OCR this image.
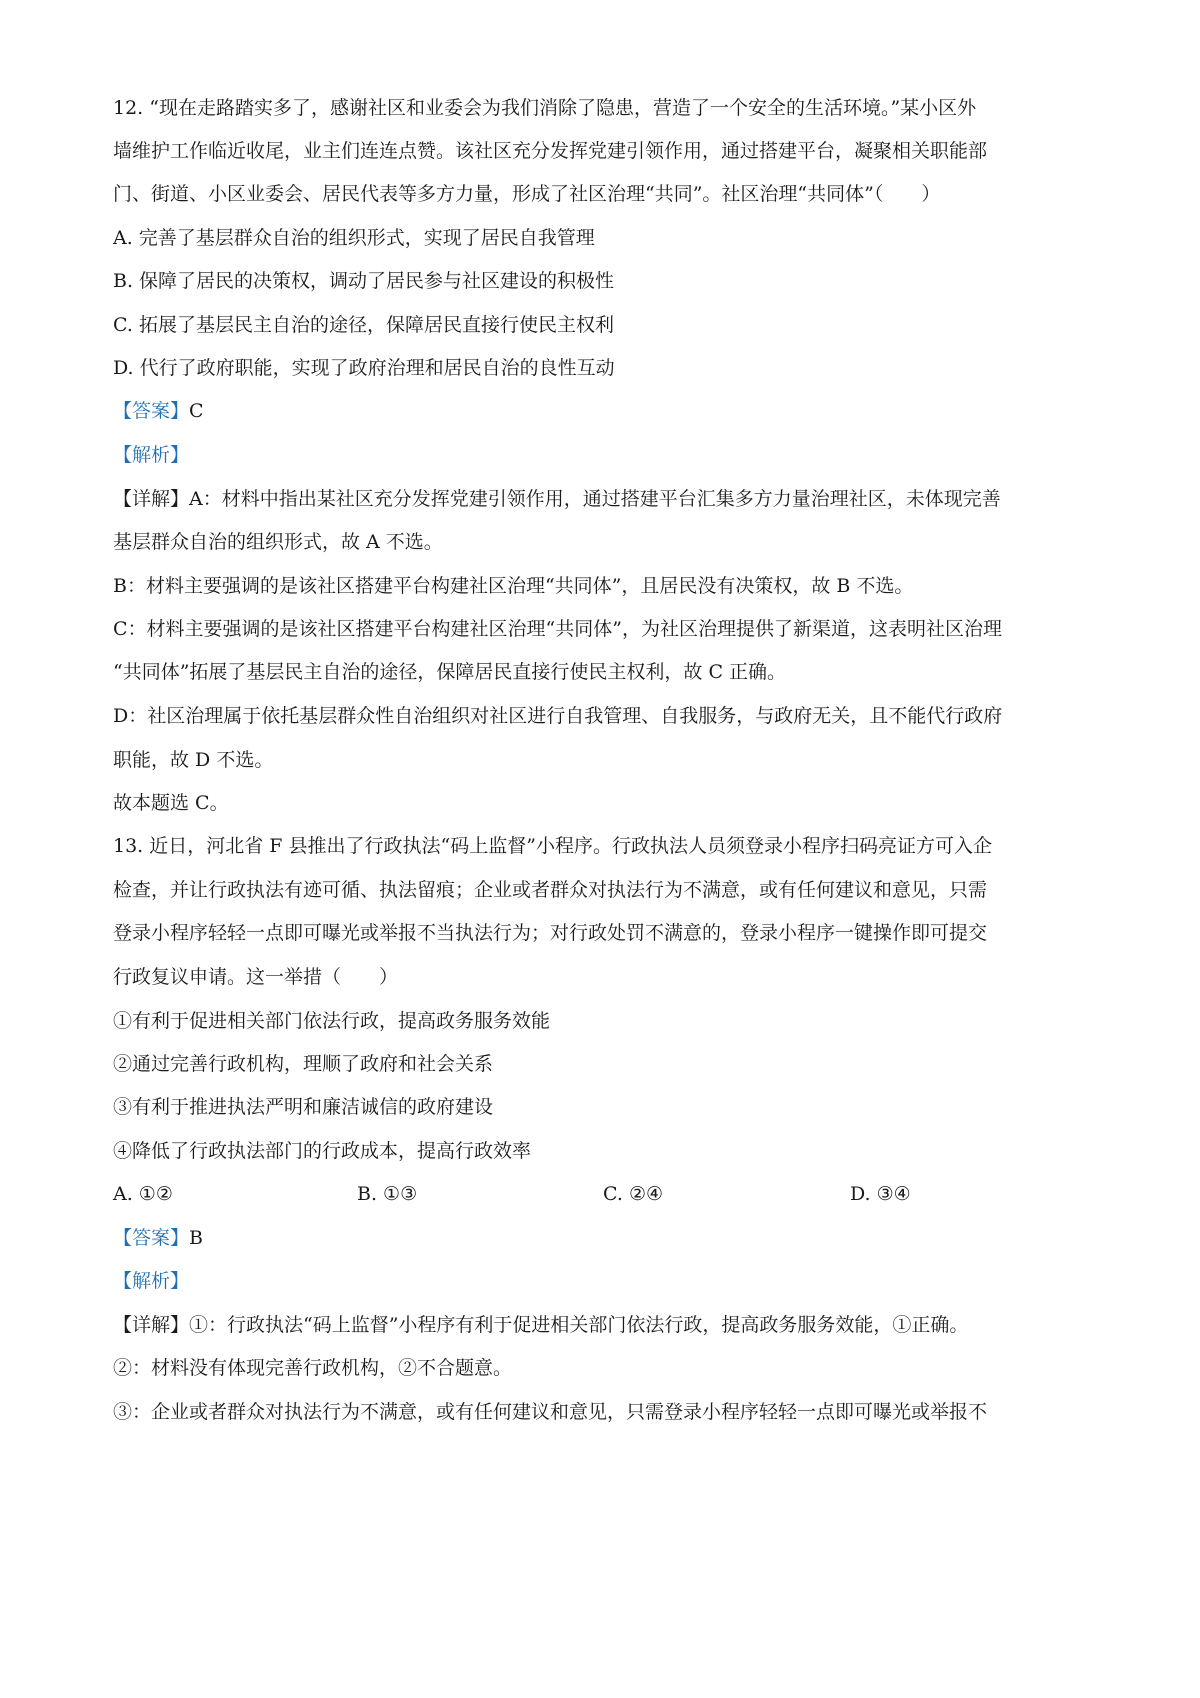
12. “现在走路踏实多了，感谢社区和业委会为我们消除了隐患，营造了一个安全的生活环境。”某小区外
墙维护工作临近收尾，业主们连连点赞。该社区充分发挥党建引领作用，通过搭建平台，凝聚相关职能部
门、街道、小区业委会、居民代表等多方力量，形成了社区治理“共同”。社区治理“共同体”（　　）
A. 完善了基层群众自治的组织形式，实现了居民自我管理
B. 保障了居民的决策权，调动了居民参与社区建设的积极性
C. 拓展了基层民主自治的途径，保障居民直接行使民主权利
D. 代行了政府职能，实现了政府治理和居民自治的良性互动
【答案】C
【解析】
【详解】A：材料中指出某社区充分发挥党建引领作用，通过搭建平台汇集多方力量治理社区，未体现完善
基层群众自治的组织形式，故 A 不选。
B：材料主要强调的是该社区搭建平台构建社区治理“共同体”，且居民没有决策权，故 B 不选。
C：材料主要强调的是该社区搭建平台构建社区治理“共同体”，为社区治理提供了新渠道，这表明社区治理
“共同体”拓展了基层民主自治的途径，保障居民直接行使民主权利，故 C 正确。
D：社区治理属于依托基层群众性自治组织对社区进行自我管理、自我服务，与政府无关，且不能代行政府
职能，故 D 不选。
故本题选 C。
13. 近日，河北省 F 县推出了行政执法“码上监督”小程序。行政执法人员须登录小程序扫码亮证方可入企
检查，并让行政执法有迹可循、执法留痕；企业或者群众对执法行为不满意，或有任何建议和意见，只需
登录小程序轻轻一点即可曝光或举报不当执法行为；对行政处罚不满意的，登录小程序一键操作即可提交
行政复议申请。这一举措（　　）
①有利于促进相关部门依法行政，提高政务服务效能
②通过完善行政机构，理顺了政府和社会关系
③有利于推进执法严明和廉洁诚信的政府建设
④降低了行政执法部门的行政成本，提高行政效率
A. ①②	B. ①③	C. ②④	D. ③④
【答案】B
【解析】
【详解】①：行政执法“码上监督”小程序有利于促进相关部门依法行政，提高政务服务效能，①正确。
②：材料没有体现完善行政机构，②不合题意。
③：企业或者群众对执法行为不满意，或有任何建议和意见，只需登录小程序轻轻一点即可曝光或举报不
